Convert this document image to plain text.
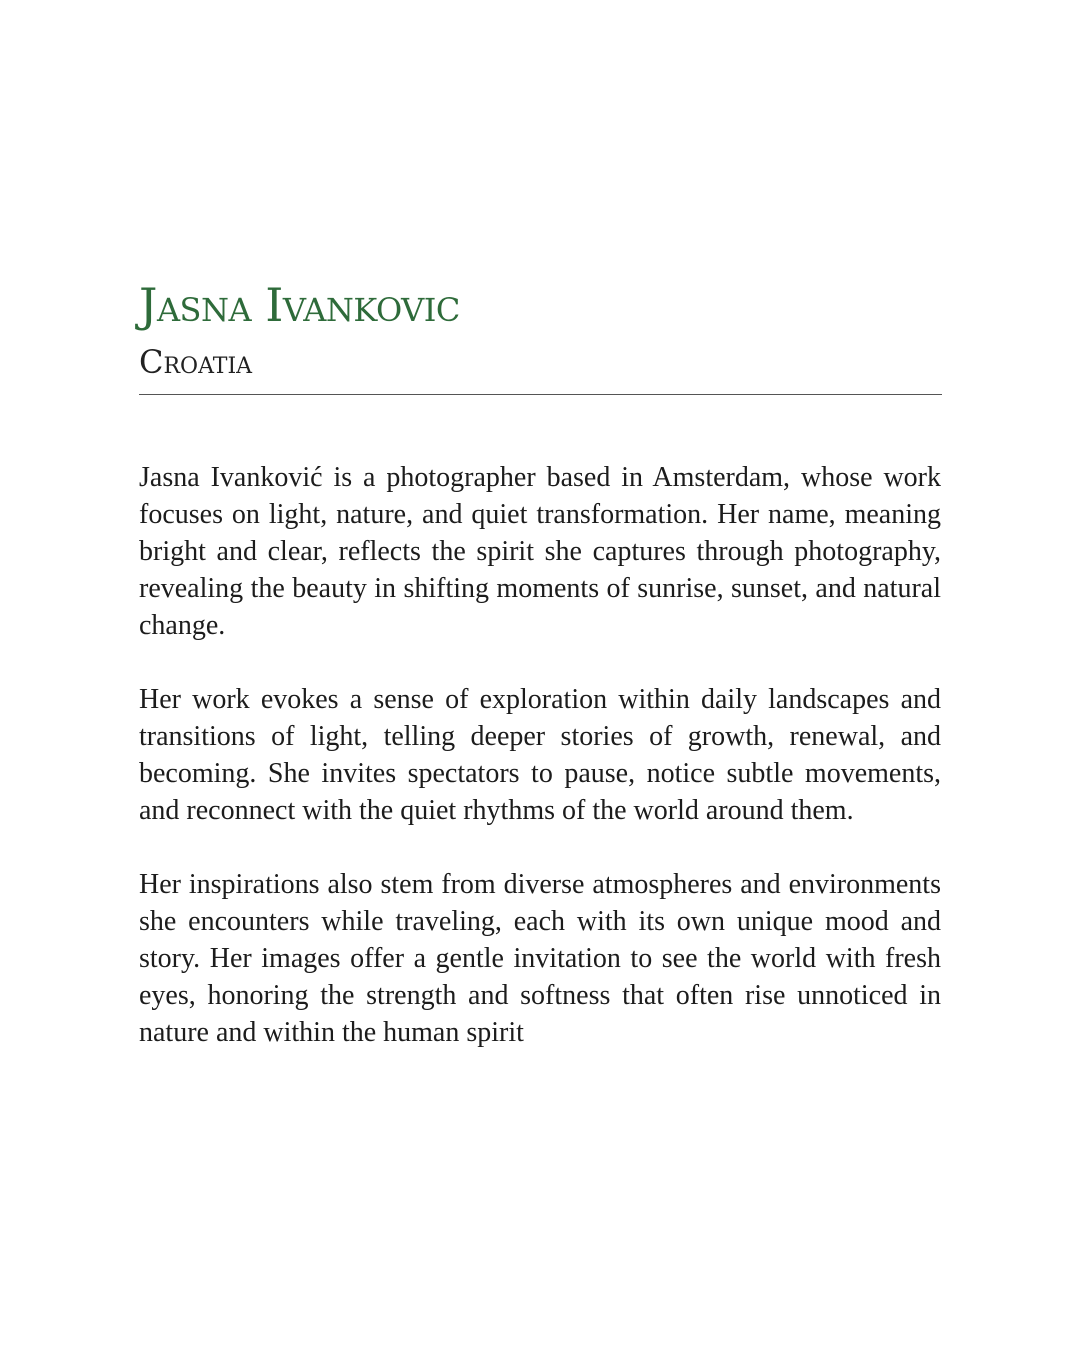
Jasna Ivankovic
Croatia

Jasna Ivanković is a photographer based in Amsterdam, whose work focuses on light, nature, and quiet transformation. Her name, meaning bright and clear, reflects the spirit she captures through photography, revealing the beauty in shifting moments of sunrise, sunset, and natural change.

Her work evokes a sense of exploration within daily landscapes and transitions of light, telling deeper stories of growth, renewal, and becoming. She invites spectators to pause, notice subtle movements, and reconnect with the quiet rhythms of the world around them.

Her inspirations also stem from diverse atmospheres and environments she encounters while traveling, each with its own unique mood and story. Her images offer a gentle invitation to see the world with fresh eyes, honoring the strength and softness that often rise unnoticed in nature and within the human spirit
